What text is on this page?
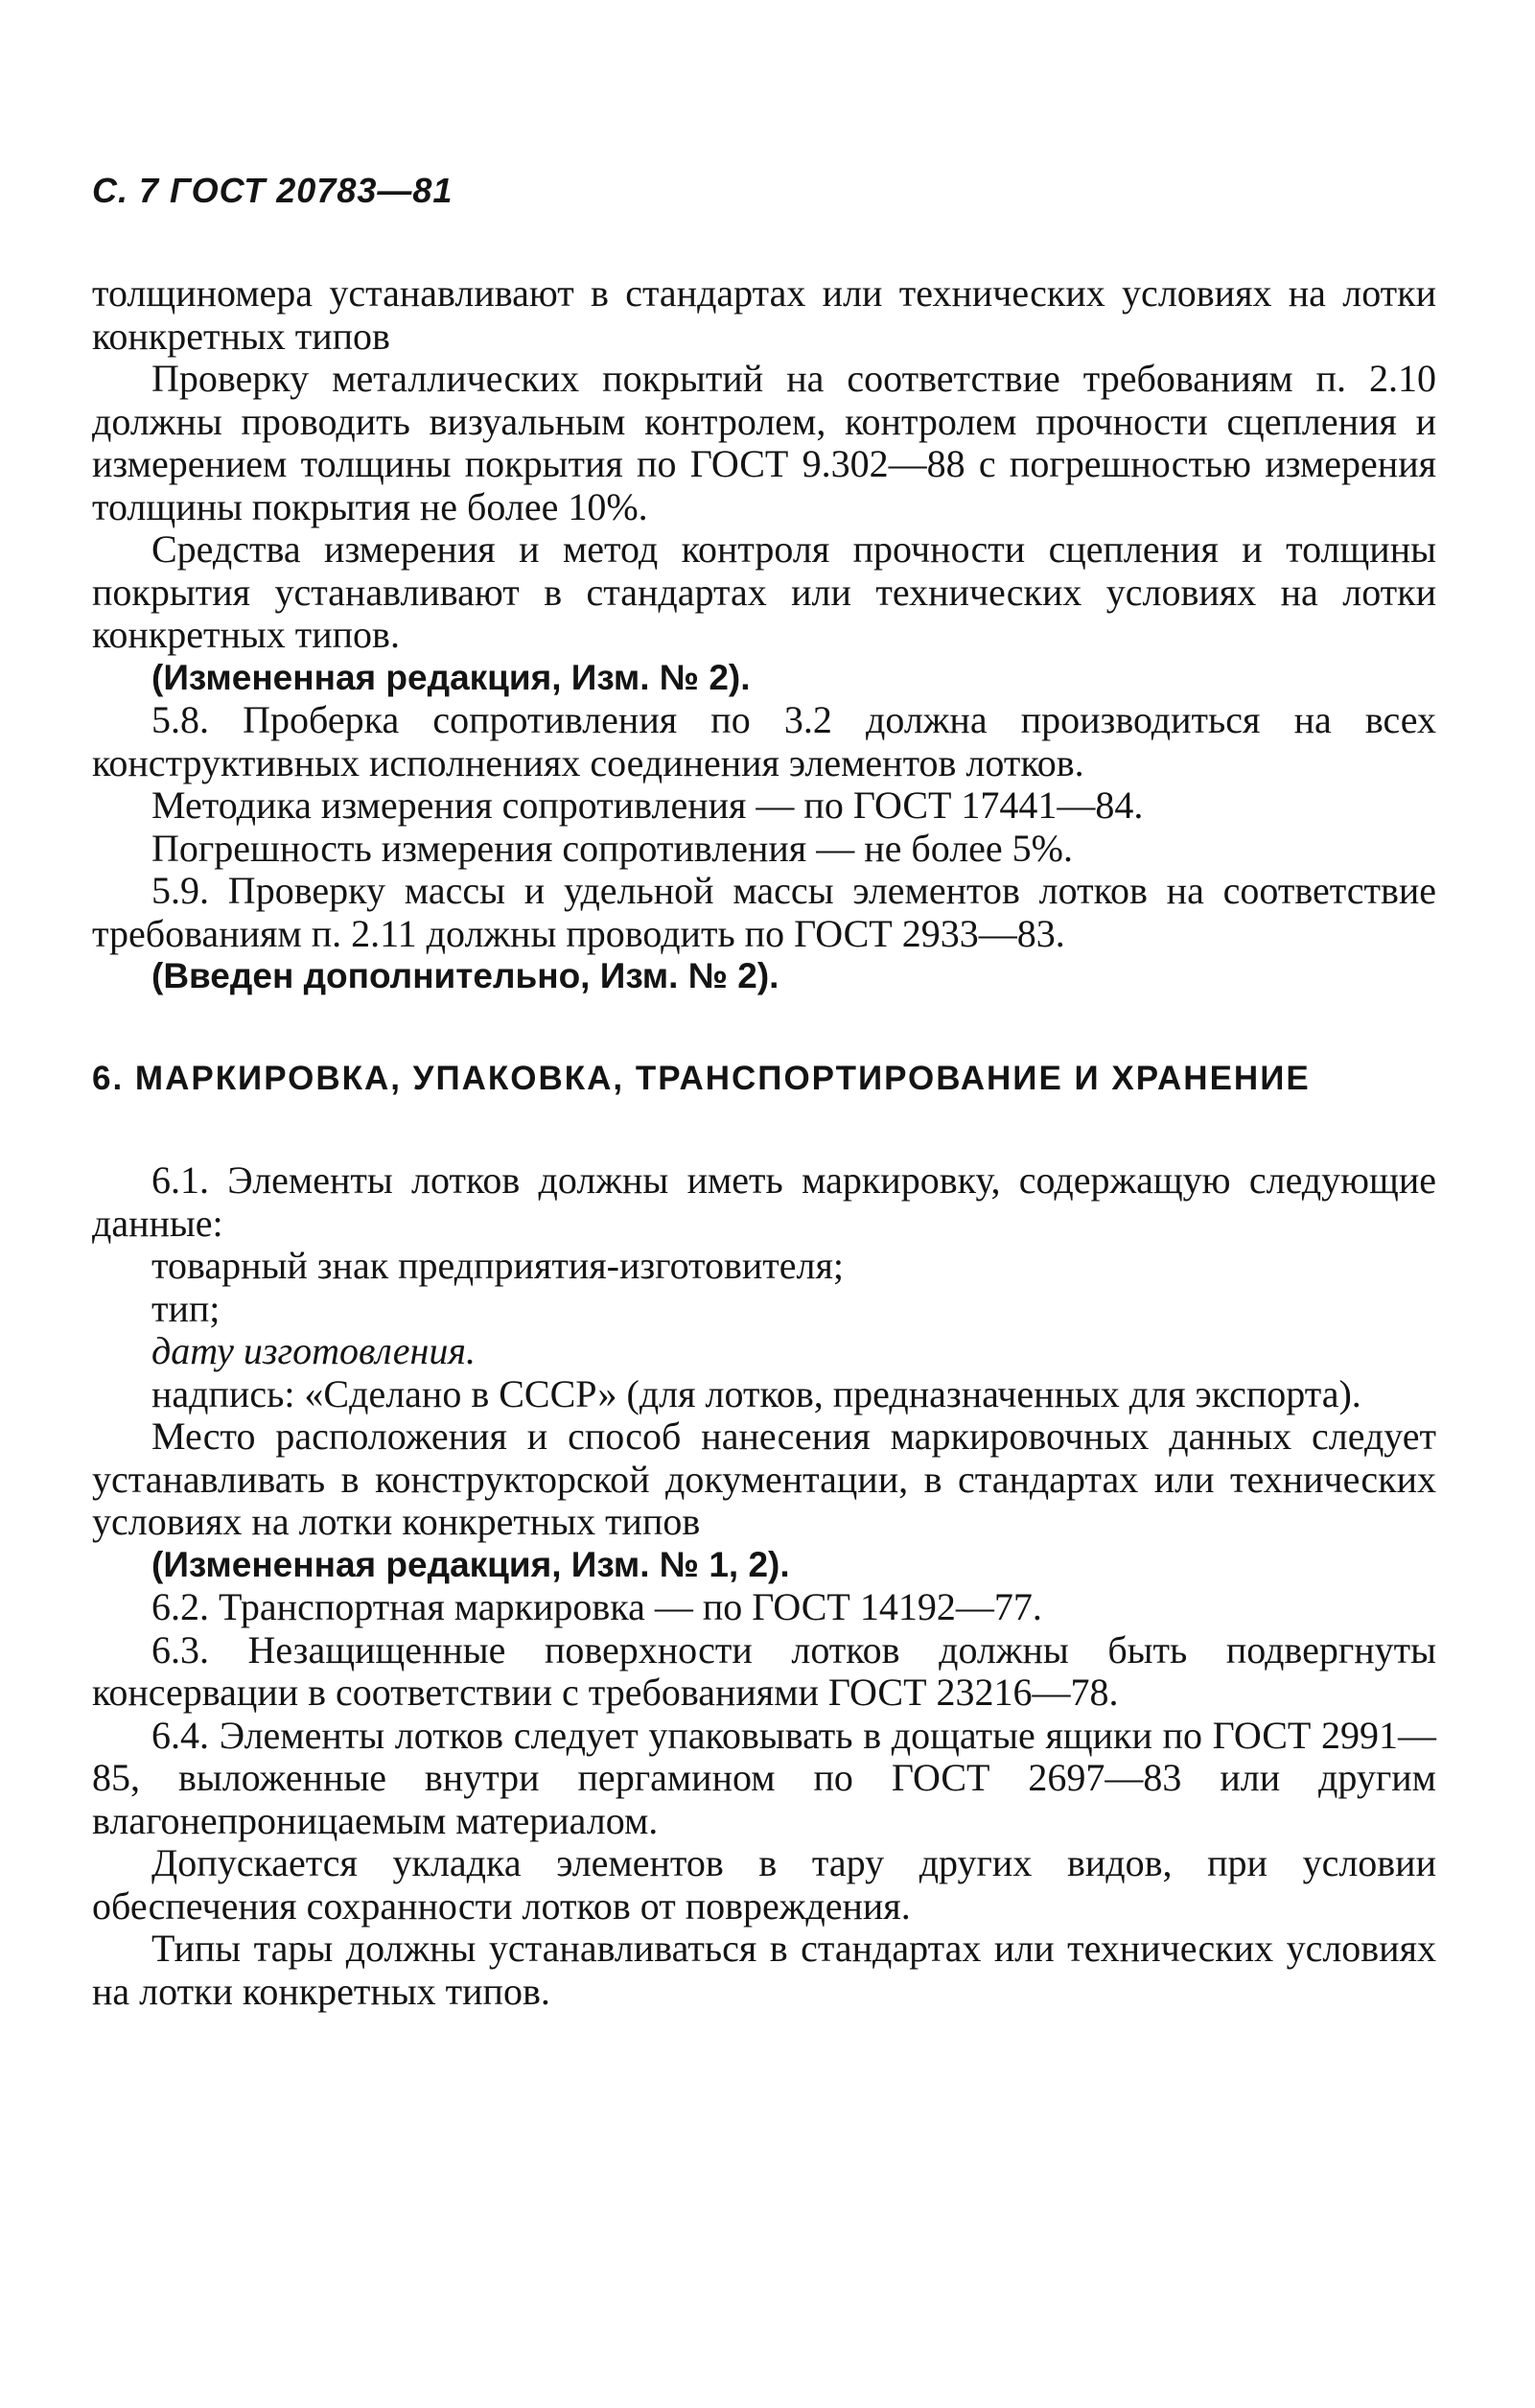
С. 7 ГОСТ 20783—81

толщиномера устанавливают в стандартах или технических условиях на лотки конкретных типов

Проверку металлических покрытий на соответствие требованиям п. 2.10 должны проводить визуальным контролем, контролем прочности сцепления и измерением толщины покрытия по ГОСТ 9.302—88 с погрешностью измерения толщины покрытия не более 10%.

Средства измерения и метод контроля прочности сцепления и толщины покрытия устанавливают в стандартах или технических условиях на лотки конкретных типов.

(Измененная редакция, Изм. № 2).

5.8. Проберка сопротивления по 3.2 должна производиться на всех конструктивных исполнениях соединения элементов лотков.

Методика измерения сопротивления — по ГОСТ 17441—84.

Погрешность измерения сопротивления — не более 5%.

5.9. Проверку массы и удельной массы элементов лотков на соответствие требованиям п. 2.11 должны проводить по ГОСТ 2933—83.

(Введен дополнительно, Изм. № 2).

6. МАРКИРОВКА, УПАКОВКА, ТРАНСПОРТИРОВАНИЕ И ХРАНЕНИЕ

6.1. Элементы лотков должны иметь маркировку, содержащую следующие данные:

товарный знак предприятия-изготовителя;

тип;

дату изготовления.

надпись: «Сделано в СССР» (для лотков, предназначенных для экспорта).

Место расположения и способ нанесения маркировочных данных следует устанавливать в конструкторской документации, в стандартах или технических условиях на лотки конкретных типов

(Измененная редакция, Изм. № 1, 2).

6.2. Транспортная маркировка — по ГОСТ 14192—77.

6.3. Незащищенные поверхности лотков должны быть подвергнуты консервации в соответствии с требованиями ГОСТ 23216—78.

6.4. Элементы лотков следует упаковывать в дощатые ящики по ГОСТ 2991—85, выложенные внутри пергамином по ГОСТ 2697—83 или другим влагонепроницаемым материалом.

Допускается укладка элементов в тару других видов, при условии обеспечения сохранности лотков от повреждения.

Типы тары должны устанавливаться в стандартах или технических условиях на лотки конкретных типов.
